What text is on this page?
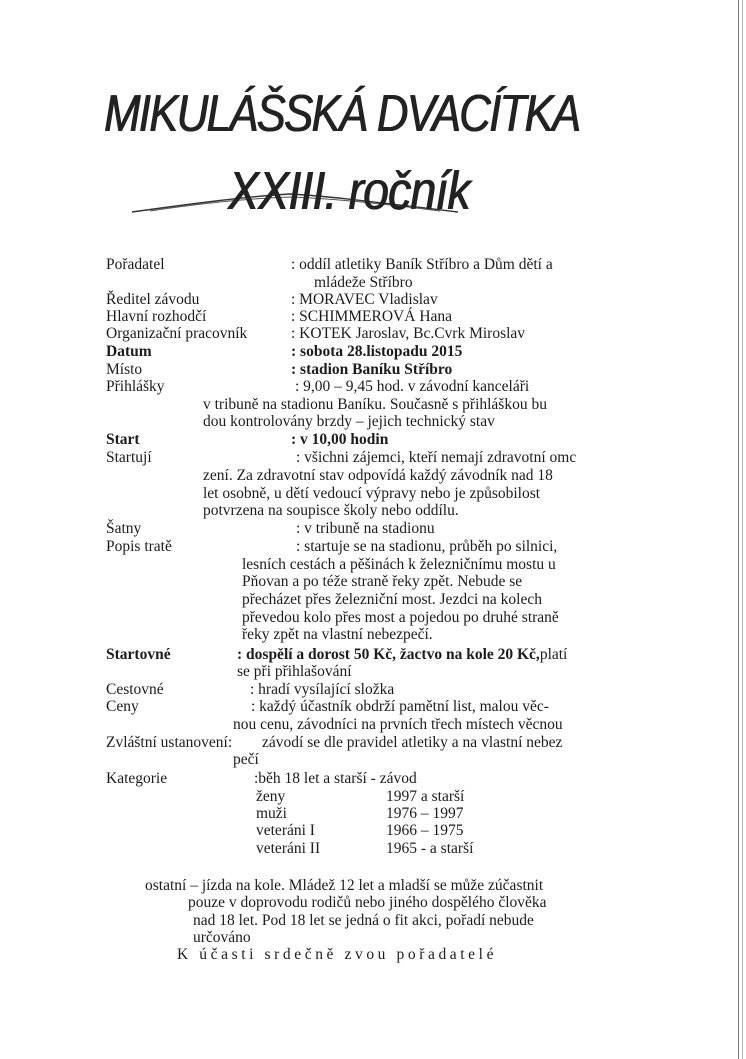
MIKULÁŠSKÁ DVACÍTKA
XXIII. ročník

Pořadatel	: oddíl atletiky Baník Stříbro a Dům dětí a

mládeže Stříbro

Ředitel závodu	: MORAVEC Vladislav

Hlavní rozhodčí	: SCHIMMEROVÁ Hana

Organizační pracovník	: KOTEK Jaroslav, Bc.Cvrk Miroslav

Datum	: sobota 28.listopadu 2015

Místo	: stadion Baníku Stříbro

Přihlášky	: 9,00 – 9,45 hod. v závodní kanceláři

v tribuně na stadionu Baníku. Současně s přihláškou bu

dou kontrolovány brzdy – jejich technický stav

Start	: v 10,00 hodin

Startují	: všichni zájemci, kteří nemají zdravotní omc

zení. Za zdravotní stav odpovídá každý závodník nad 18

let osobně, u dětí vedoucí výpravy nebo je způsobilost

potvrzena na soupisce školy nebo oddílu.

Šatny	: v tribuně na stadionu

Popis tratě	: startuje se na stadionu, průběh po silnici,

lesních cestách a pěšinách k železničnímu mostu u

Pňovan a po téže straně řeky zpět. Nebude se

přecházet přes železniční most. Jezdci na kolech

převedou kolo přes most a pojedou po druhé straně

řeky zpět na vlastní nebezpečí.

Startovné	: dospělí a dorost 50 Kč, žactvo na kole 20 Kč,platí

se při přihlašování

Cestovné	: hradí vysílající složka

Ceny	: každý účastník obdrží pamětní list, malou věc-

nou cenu, závodníci na prvních třech místech věcnou

Zvláštní ustanovení: závodí se dle pravidel atletiky a na vlastní nebez

pečí

Kategorie	:běh 18 let a starší - závod

ženy	1997 a starší

muži	1976 – 1997

veteráni I	1966 – 1975

veteráni II	1965 - a starší

ostatní – jízda na kole. Mládež 12 let a mladší se může zúčastnit

pouze v doprovodu rodičů nebo jiného dospělého člověka

nad 18 let. Pod 18 let se jedná o fit akci, pořadí nebude

určováno

K účasti srdečně zvou pořadatelé
